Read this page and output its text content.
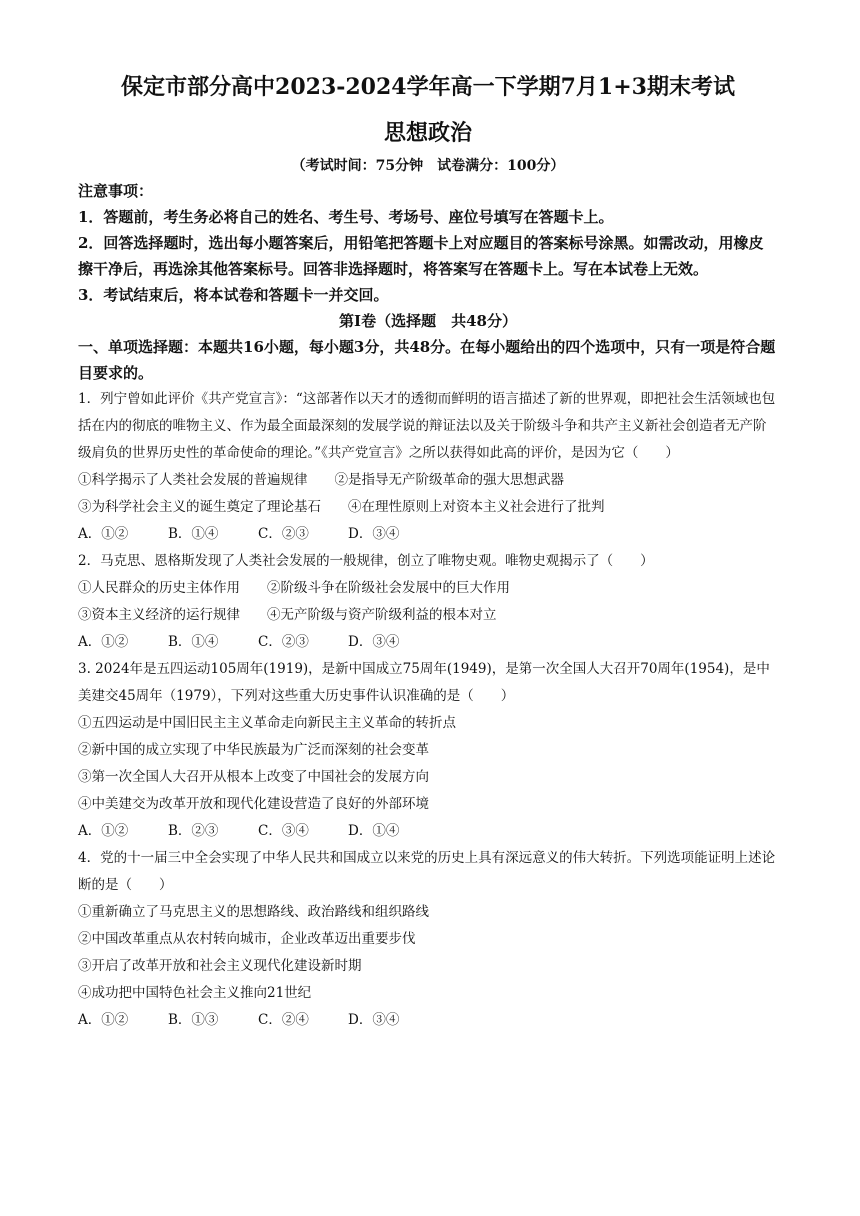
保定市部分高中2023-2024学年高一下学期7月1+3期末考试
思想政治
（考试时间：75分钟　试卷满分：100分）
注意事项：
1．答题前，考生务必将自己的姓名、考生号、考场号、座位号填写在答题卡上。
2．回答选择题时，选出每小题答案后，用铅笔把答题卡上对应题目的答案标号涂黑。如需改动，用橡皮擦干净后，再选涂其他答案标号。回答非选择题时，将答案写在答题卡上。写在本试卷上无效。
3．考试结束后，将本试卷和答题卡一并交回。
第Ⅰ卷（选择题　共48分）
一、单项选择题：本题共16小题，每小题3分，共48分。在每小题给出的四个选项中，只有一项是符合题目要求的。
1．列宁曾如此评价《共产党宣言》：“这部著作以天才的透彻而鲜明的语言描述了新的世界观，即把社会生活领域也包括在内的彻底的唯物主义、作为最全面最深刻的发展学说的辩证法以及关于阶级斗争和共产主义新社会创造者无产阶级肩负的世界历史性的革命使命的理论。”《共产党宣言》之所以获得如此高的评价，是因为它（　　）
①科学揭示了人类社会发展的普遍规律　　②是指导无产阶级革命的强大思想武器
③为科学社会主义的诞生奠定了理论基石　　④在理性原则上对资本主义社会进行了批判
A．①②	B．①④	C．②③	D．③④
2．马克思、恩格斯发现了人类社会发展的一般规律，创立了唯物史观。唯物史观揭示了（　　）
①人民群众的历史主体作用　　②阶级斗争在阶级社会发展中的巨大作用
③资本主义经济的运行规律　　④无产阶级与资产阶级利益的根本对立
A．①②	B．①④	C．②③	D．③④
3. 2024年是五四运动105周年(1919)，是新中国成立75周年(1949)，是第一次全国人大召开70周年(1954)，是中美建交45周年（1979），下列对这些重大历史事件认识准确的是（　　）
①五四运动是中国旧民主主义革命走向新民主主义革命的转折点
②新中国的成立实现了中华民族最为广泛而深刻的社会变革
③第一次全国人大召开从根本上改变了中国社会的发展方向
④中美建交为改革开放和现代化建设营造了良好的外部环境
A．①②	B．②③	C．③④	D．①④
4．党的十一届三中全会实现了中华人民共和国成立以来党的历史上具有深远意义的伟大转折。下列选项能证明上述论断的是（　　）
①重新确立了马克思主义的思想路线、政治路线和组织路线
②中国改革重点从农村转向城市，企业改革迈出重要步伐
③开启了改革开放和社会主义现代化建设新时期
④成功把中国特色社会主义推向21世纪
A．①②	B．①③	C．②④	D．③④
